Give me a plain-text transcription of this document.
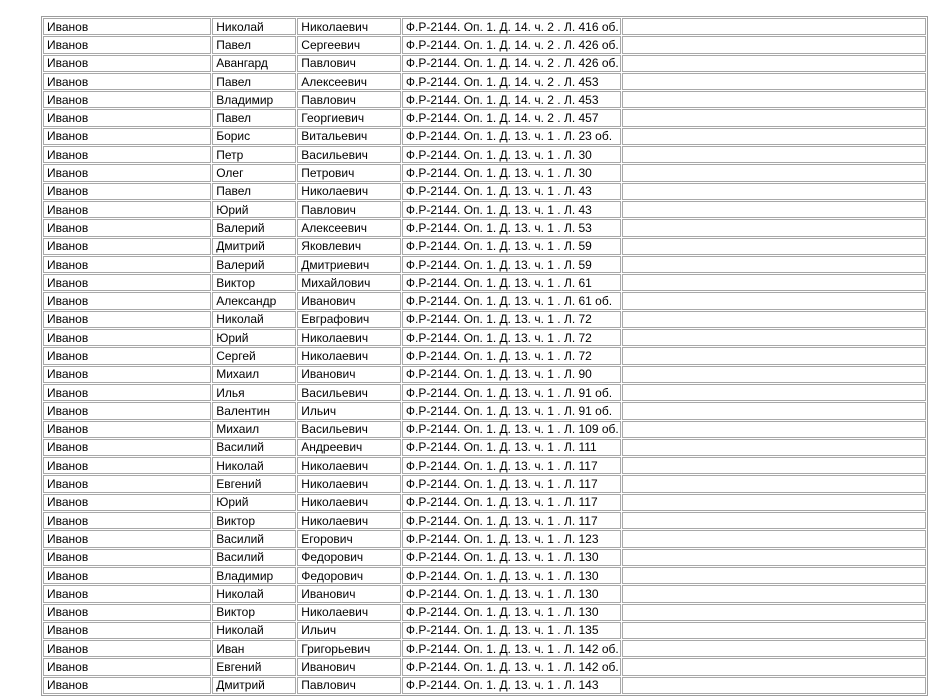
Иванов	Николай	Николаевич	Ф.Р-2144. Оп. 1. Д. 14. ч. 2 . Л. 416 об.	
Иванов	Павел	Сергеевич	Ф.Р-2144. Оп. 1. Д. 14. ч. 2 . Л. 426 об.	
Иванов	Авангард	Павлович	Ф.Р-2144. Оп. 1. Д. 14. ч. 2 . Л. 426 об.	
Иванов	Павел	Алексеевич	Ф.Р-2144. Оп. 1. Д. 14. ч. 2 . Л. 453	
Иванов	Владимир	Павлович	Ф.Р-2144. Оп. 1. Д. 14. ч. 2 . Л. 453	
Иванов	Павел	Георгиевич	Ф.Р-2144. Оп. 1. Д. 14. ч. 2 . Л. 457	
Иванов	Борис	Витальевич	Ф.Р-2144. Оп. 1. Д. 13. ч. 1 . Л. 23 об.	
Иванов	Петр	Васильевич	Ф.Р-2144. Оп. 1. Д. 13. ч. 1 . Л. 30	
Иванов	Олег	Петрович	Ф.Р-2144. Оп. 1. Д. 13. ч. 1 . Л. 30	
Иванов	Павел	Николаевич	Ф.Р-2144. Оп. 1. Д. 13. ч. 1 . Л. 43	
Иванов	Юрий	Павлович	Ф.Р-2144. Оп. 1. Д. 13. ч. 1 . Л. 43	
Иванов	Валерий	Алексеевич	Ф.Р-2144. Оп. 1. Д. 13. ч. 1 . Л. 53	
Иванов	Дмитрий	Яковлевич	Ф.Р-2144. Оп. 1. Д. 13. ч. 1 . Л. 59	
Иванов	Валерий	Дмитриевич	Ф.Р-2144. Оп. 1. Д. 13. ч. 1 . Л. 59	
Иванов	Виктор	Михайлович	Ф.Р-2144. Оп. 1. Д. 13. ч. 1 . Л. 61	
Иванов	Александр	Иванович	Ф.Р-2144. Оп. 1. Д. 13. ч. 1 . Л. 61 об.	
Иванов	Николай	Евграфович	Ф.Р-2144. Оп. 1. Д. 13. ч. 1 . Л. 72	
Иванов	Юрий	Николаевич	Ф.Р-2144. Оп. 1. Д. 13. ч. 1 . Л. 72	
Иванов	Сергей	Николаевич	Ф.Р-2144. Оп. 1. Д. 13. ч. 1 . Л. 72	
Иванов	Михаил	Иванович	Ф.Р-2144. Оп. 1. Д. 13. ч. 1 . Л. 90	
Иванов	Илья	Васильевич	Ф.Р-2144. Оп. 1. Д. 13. ч. 1 . Л. 91 об.	
Иванов	Валентин	Ильич	Ф.Р-2144. Оп. 1. Д. 13. ч. 1 . Л. 91 об.	
Иванов	Михаил	Васильевич	Ф.Р-2144. Оп. 1. Д. 13. ч. 1 . Л. 109 об.	
Иванов	Василий	Андреевич	Ф.Р-2144. Оп. 1. Д. 13. ч. 1 . Л. 111	
Иванов	Николай	Николаевич	Ф.Р-2144. Оп. 1. Д. 13. ч. 1 . Л. 117	
Иванов	Евгений	Николаевич	Ф.Р-2144. Оп. 1. Д. 13. ч. 1 . Л. 117	
Иванов	Юрий	Николаевич	Ф.Р-2144. Оп. 1. Д. 13. ч. 1 . Л. 117	
Иванов	Виктор	Николаевич	Ф.Р-2144. Оп. 1. Д. 13. ч. 1 . Л. 117	
Иванов	Василий	Егорович	Ф.Р-2144. Оп. 1. Д. 13. ч. 1 . Л. 123	
Иванов	Василий	Федорович	Ф.Р-2144. Оп. 1. Д. 13. ч. 1 . Л. 130	
Иванов	Владимир	Федорович	Ф.Р-2144. Оп. 1. Д. 13. ч. 1 . Л. 130	
Иванов	Николай	Иванович	Ф.Р-2144. Оп. 1. Д. 13. ч. 1 . Л. 130	
Иванов	Виктор	Николаевич	Ф.Р-2144. Оп. 1. Д. 13. ч. 1 . Л. 130	
Иванов	Николай	Ильич	Ф.Р-2144. Оп. 1. Д. 13. ч. 1 . Л. 135	
Иванов	Иван	Григорьевич	Ф.Р-2144. Оп. 1. Д. 13. ч. 1 . Л. 142 об.	
Иванов	Евгений	Иванович	Ф.Р-2144. Оп. 1. Д. 13. ч. 1 . Л. 142 об.	
Иванов	Дмитрий	Павлович	Ф.Р-2144. Оп. 1. Д. 13. ч. 1 . Л. 143	
